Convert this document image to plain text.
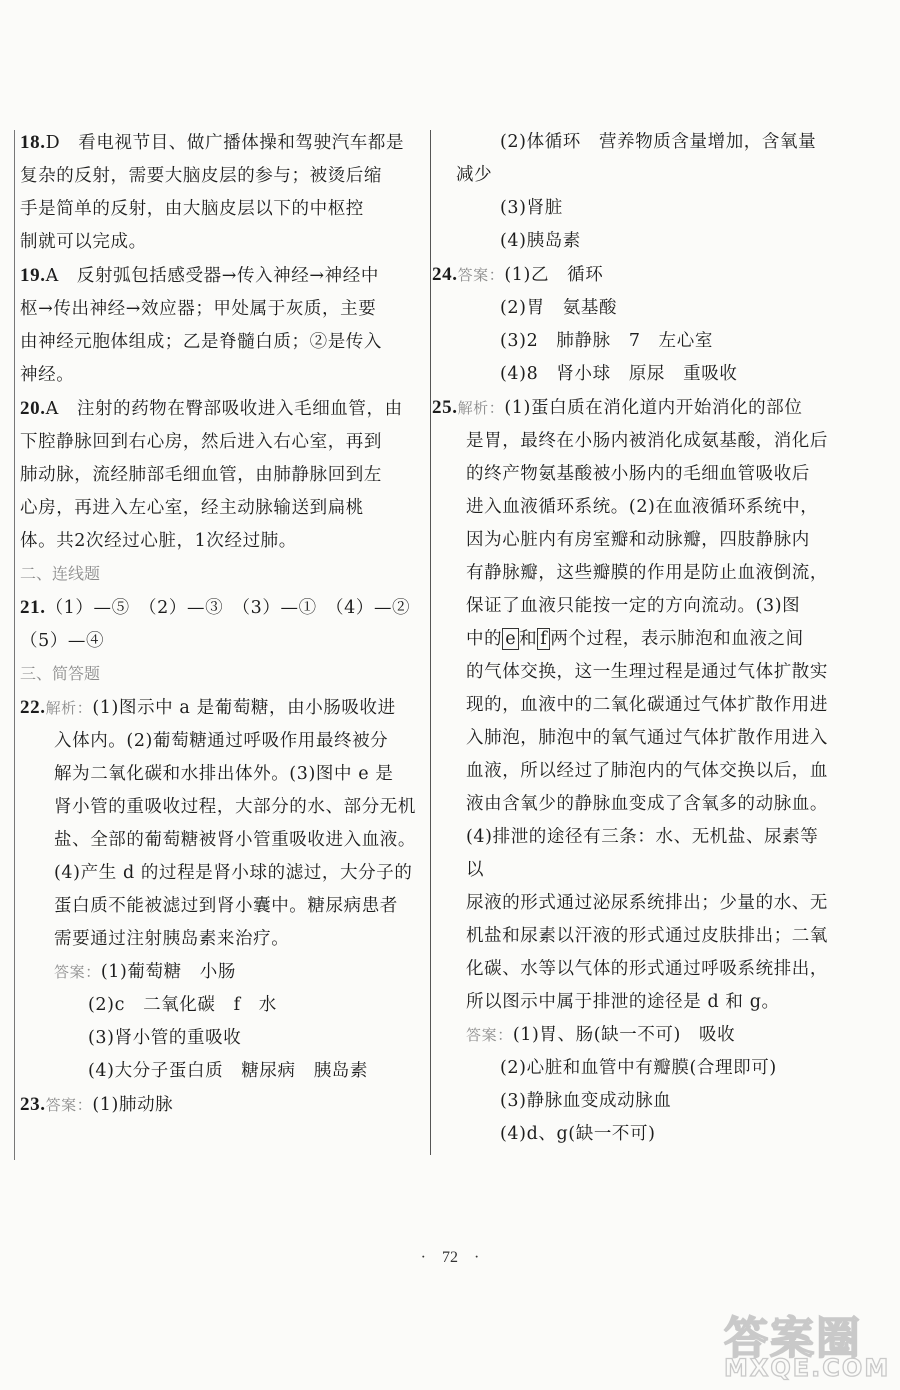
18.D　看电视节目、做广播体操和驾驶汽车都是

复杂的反射，需要大脑皮层的参与；被烫后缩

手是简单的反射，由大脑皮层以下的中枢控

制就可以完成。

19.A　反射弧包括感受器→传入神经→神经中

枢→传出神经→效应器；甲处属于灰质，主要

由神经元胞体组成；乙是脊髓白质；②是传入

神经。

20.A　注射的药物在臀部吸收进入毛细血管，由

下腔静脉回到右心房，然后进入右心室，再到

肺动脉，流经肺部毛细血管，由肺静脉回到左

心房，再进入左心室，经主动脉输送到扁桃

体。共2次经过心脏，1次经过肺。

二、连线题

21.（1）—⑤　（2）—③　（3）—①　（4）—②

（5）—④

三、简答题

22.解析：(1)图示中 a 是葡萄糖，由小肠吸收进

入体内。(2)葡萄糖通过呼吸作用最终被分

解为二氧化碳和水排出体外。(3)图中 e 是

肾小管的重吸收过程，大部分的水、部分无机

盐、全部的葡萄糖被肾小管重吸收进入血液。

(4)产生 d 的过程是肾小球的滤过，大分子的

蛋白质不能被滤过到肾小囊中。糖尿病患者

需要通过注射胰岛素来治疗。

答案：(1)葡萄糖　小肠

(2)c　二氧化碳　f　水

(3)肾小管的重吸收

(4)大分子蛋白质　糖尿病　胰岛素

23.答案：(1)肺动脉

(2)体循环　营养物质含量增加，含氧量

减少

(3)肾脏

(4)胰岛素

24.答案：(1)乙　循环

(2)胃　氨基酸

(3)2　肺静脉　7　左心室

(4)8　肾小球　原尿　重吸收

25.解析：(1)蛋白质在消化道内开始消化的部位

是胃，最终在小肠内被消化成氨基酸，消化后

的终产物氨基酸被小肠内的毛细血管吸收后

进入血液循环系统。(2)在血液循环系统中，

因为心脏内有房室瓣和动脉瓣，四肢静脉内

有静脉瓣，这些瓣膜的作用是防止血液倒流，

保证了血液只能按一定的方向流动。(3)图

中的 e 和 f 两个过程，表示肺泡和血液之间

的气体交换，这一生理过程是通过气体扩散实

现的，血液中的二氧化碳通过气体扩散作用进

入肺泡，肺泡中的氧气通过气体扩散作用进入

血液，所以经过了肺泡内的气体交换以后，血

液由含氧少的静脉血变成了含氧多的动脉血。

(4)排泄的途径有三条：水、无机盐、尿素等以

尿液的形式通过泌尿系统排出；少量的水、无

机盐和尿素以汗液的形式通过皮肤排出；二氧

化碳、水等以气体的形式通过呼吸系统排出，

所以图示中属于排泄的途径是 d 和 g。

答案：(1)胃、肠(缺一不可)　吸收

(2)心脏和血管中有瓣膜(合理即可)

(3)静脉血变成动脉血

(4)d、g(缺一不可)

·　72　·
答案圈
MXQE.COM
